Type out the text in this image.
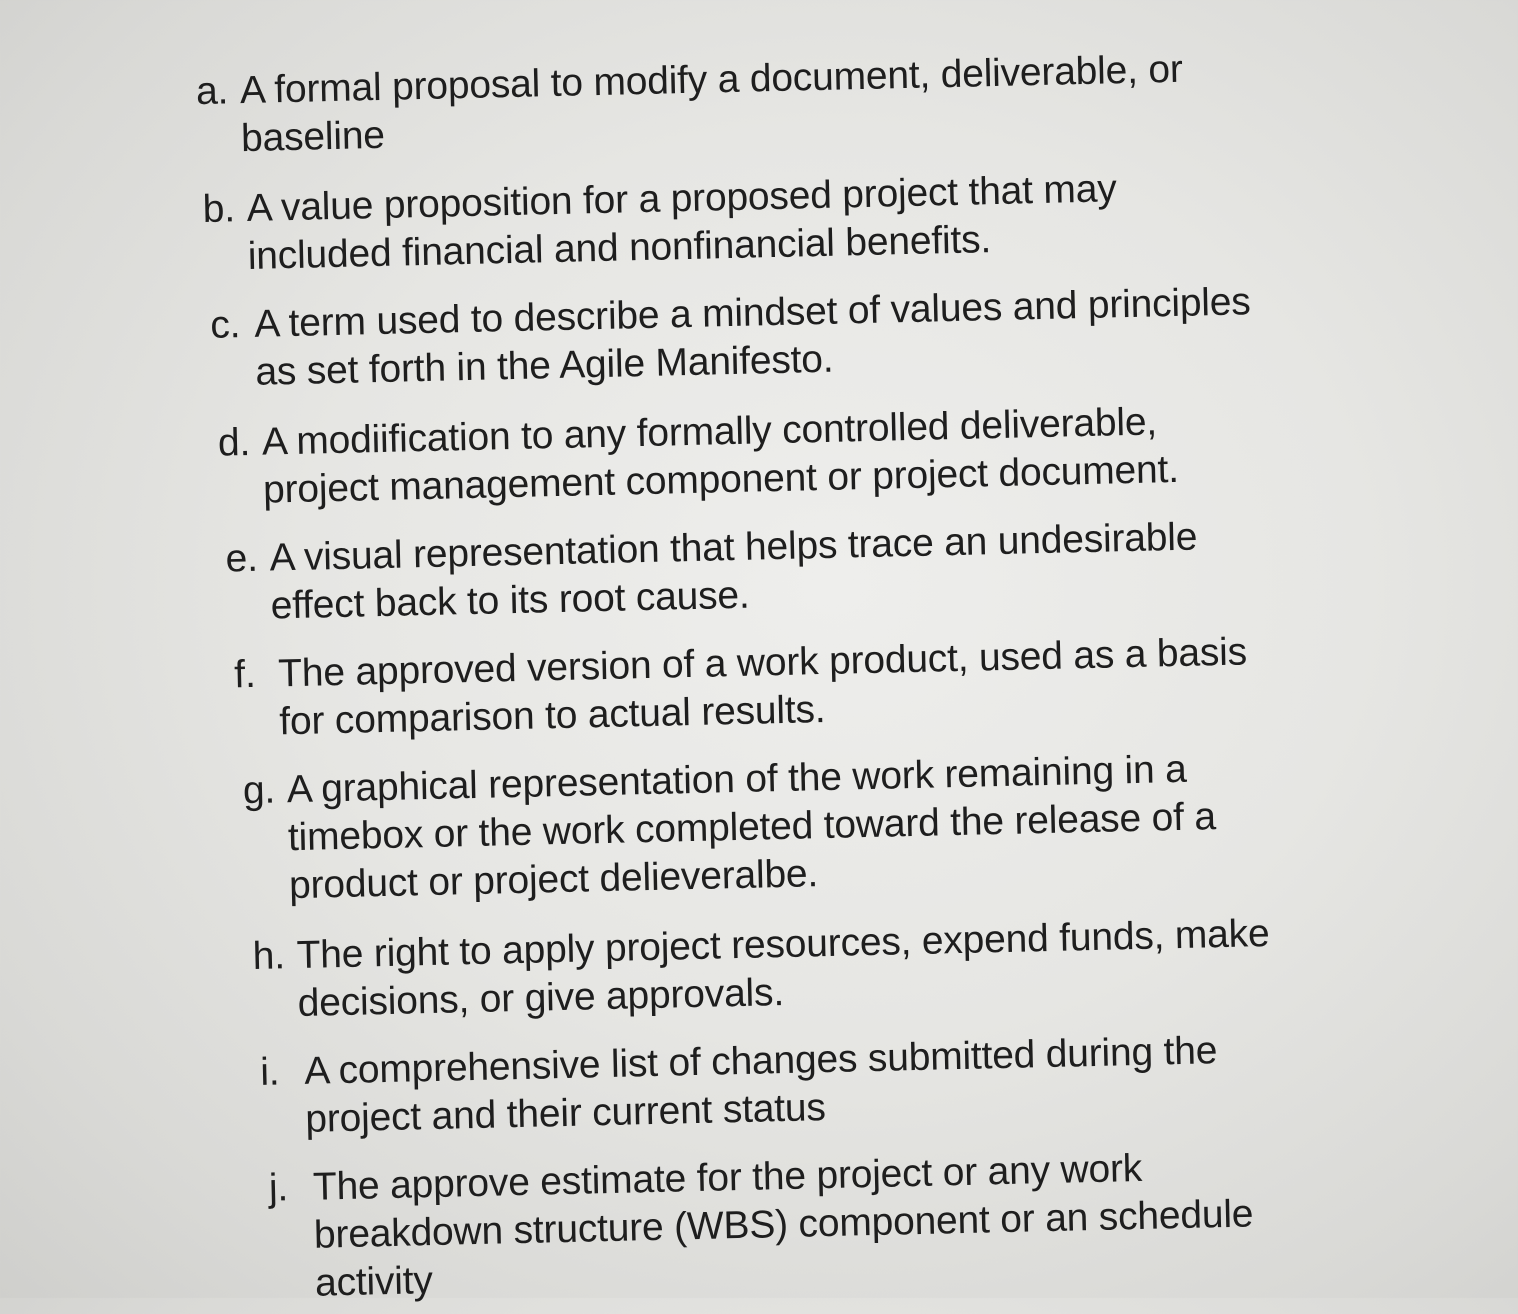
a. A formal proposal to modify a document, deliverable, or baseline
b. A value proposition for a proposed project that may included financial and nonfinancial benefits.
c. A term used to describe a mindset of values and principles as set forth in the Agile Manifesto.
d. A modiification to any formally controlled deliverable, project management component or project document.
e. A visual representation that helps trace an undesirable effect back to its root cause.
f. The approved version of a work product, used as a basis for comparison to actual results.
g. A graphical representation of the work remaining in a timebox or the work completed toward the release of a product or project delieveralbe.
h. The right to apply project resources, expend funds, make decisions, or give approvals.
i. A comprehensive list of changes submitted during the project and their current status
j. The approve estimate for the project or any work breakdown structure (WBS) component or an schedule activity
